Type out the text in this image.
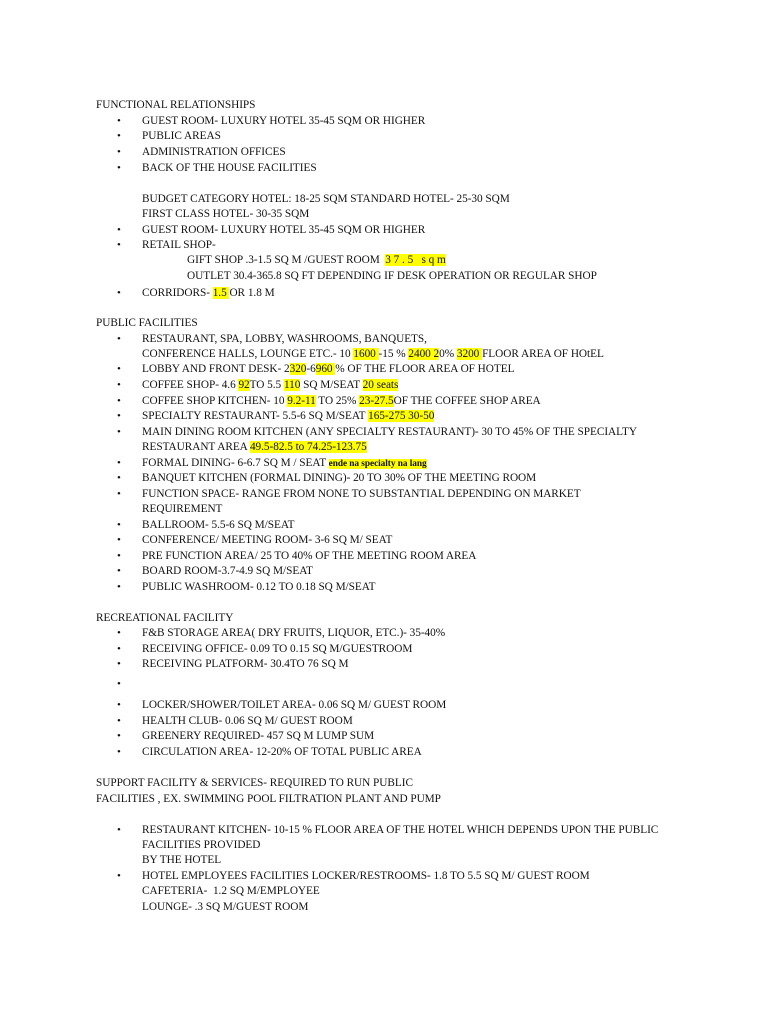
FUNCTIONAL RELATIONSHIPS
• GUEST ROOM- LUXURY HOTEL 35-45 SQM OR HIGHER
• PUBLIC AREAS
• ADMINISTRATION OFFICES
• BACK OF THE HOUSE FACILITIES
BUDGET CATEGORY HOTEL: 18-25 SQM STANDARD HOTEL- 25-30 SQM
FIRST CLASS HOTEL- 30-35 SQM
• GUEST ROOM- LUXURY HOTEL 35-45 SQM OR HIGHER
• RETAIL SHOP-
GIFT SHOP .3-1.5 SQ M /GUEST ROOM  3 7 . 5   s q m
OUTLET 30.4-365.8 SQ FT DEPENDING IF DESK OPERATION OR REGULAR SHOP
• CORRIDORS- 1.5 OR 1.8 M
PUBLIC FACILITIES
• RESTAURANT, SPA, LOBBY, WASHROOMS, BANQUETS,
CONFERENCE HALLS, LOUNGE ETC.- 10 1600 -15 % 2400 20% 3200 FLOOR AREA OF HOtEL
• LOBBY AND FRONT DESK- 2320-6960 % OF THE FLOOR AREA OF HOTEL
• COFFEE SHOP- 4.6 92TO 5.5 110 SQ M/SEAT 20 seats
• COFFEE SHOP KITCHEN- 10 9.2-11 TO 25% 23-27.5OF THE COFFEE SHOP AREA
• SPECIALTY RESTAURANT- 5.5-6 SQ M/SEAT 165-275 30-50
• MAIN DINING ROOM KITCHEN (ANY SPECIALTY RESTAURANT)- 30 TO 45% OF THE SPECIALTY
RESTAURANT AREA 49.5-82.5 to 74.25-123.75
• FORMAL DINING- 6-6.7 SQ M / SEAT ende na specialty na lang
• BANQUET KITCHEN (FORMAL DINING)- 20 TO 30% OF THE MEETING ROOM
• FUNCTION SPACE- RANGE FROM NONE TO SUBSTANTIAL DEPENDING ON MARKET
REQUIREMENT
• BALLROOM- 5.5-6 SQ M/SEAT
• CONFERENCE/ MEETING ROOM- 3-6 SQ M/ SEAT
• PRE FUNCTION AREA/ 25 TO 40% OF THE MEETING ROOM AREA
• BOARD ROOM-3.7-4.9 SQ M/SEAT
• PUBLIC WASHROOM- 0.12 TO 0.18 SQ M/SEAT
RECREATIONAL FACILITY
• F&B STORAGE AREA( DRY FRUITS, LIQUOR, ETC.)- 35-40%
• RECEIVING OFFICE- 0.09 TO 0.15 SQ M/GUESTROOM
• RECEIVING PLATFORM- 30.4TO 76 SQ M
•
• LOCKER/SHOWER/TOILET AREA- 0.06 SQ M/ GUEST ROOM
• HEALTH CLUB- 0.06 SQ M/ GUEST ROOM
• GREENERY REQUIRED- 457 SQ M LUMP SUM
• CIRCULATION AREA- 12-20% OF TOTAL PUBLIC AREA
SUPPORT FACILITY & SERVICES- REQUIRED TO RUN PUBLIC
FACILITIES , EX. SWIMMING POOL FILTRATION PLANT AND PUMP
• RESTAURANT KITCHEN- 10-15 % FLOOR AREA OF THE HOTEL WHICH DEPENDS UPON THE PUBLIC
FACILITIES PROVIDED
BY THE HOTEL
• HOTEL EMPLOYEES FACILITIES LOCKER/RESTROOMS- 1.8 TO 5.5 SQ M/ GUEST ROOM
CAFETERIA-  1.2 SQ M/EMPLOYEE
LOUNGE- .3 SQ M/GUEST ROOM
